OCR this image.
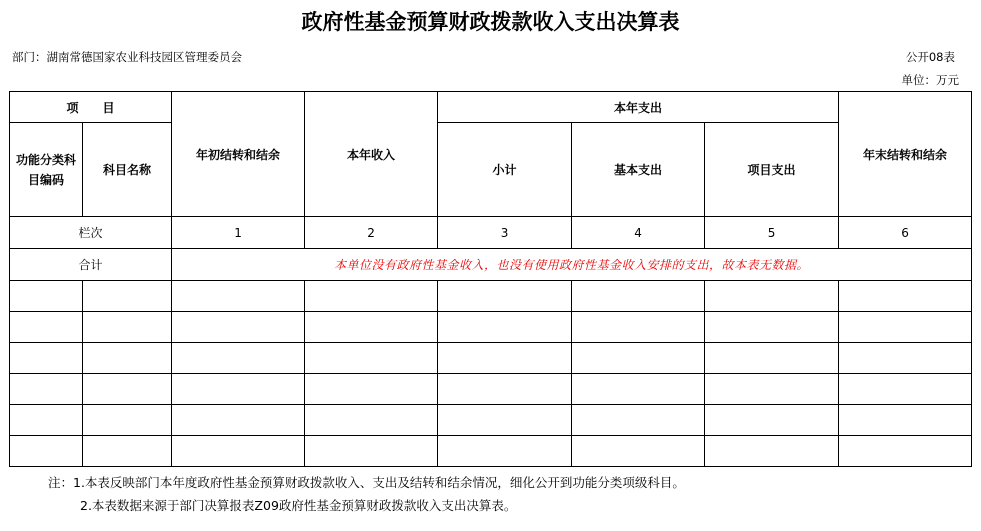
政府性基金预算财政拨款收入支出决算表
部门：湖南常德国家农业科技园区管理委员会	公开08表
单位：万元
项　　目		年初结转和结余	本年收入	本年支出			年末结转和结余
功能分类科目编码	科目名称			小计	基本支出	项目支出	
栏次		1	2	3	4	5	6
合计		本单位没有政府性基金收入，也没有使用政府性基金收入安排的支出，故本表无数据。					

注：1.本表反映部门本年度政府性基金预算财政拨款收入、支出及结转和结余情况，细化公开到功能分类项级科目。
2.本表数据来源于部门决算报表Z09政府性基金预算财政拨款收入支出决算表。
